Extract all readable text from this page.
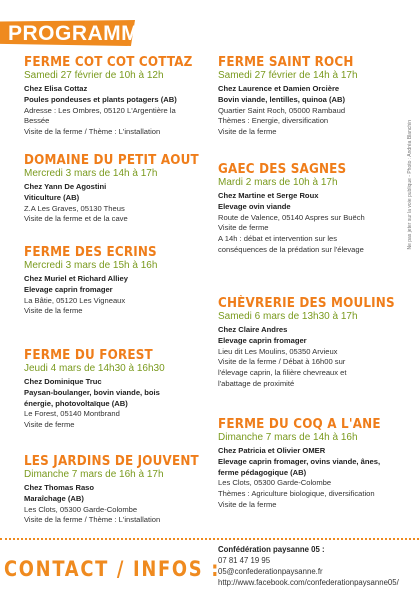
PROGRAMME
FERME COT COT COTTAZ
Samedi 27 février de 10h à 12h
Chez Elisa Cottaz
Poules pondeuses et plants potagers (AB)
Adresse : Les Ombres, 05120 L'Argentière la
Bessée
Visite de la ferme / Thème : L'installation
DOMAINE DU PETIT AOUT
Mercredi 3 mars de 14h à 17h
Chez Yann De Agostini
Viticulture (AB)
Z.A Les Graves, 05130 Theus
Visite de la ferme et de la cave
FERME DES ECRINS
Mercredi 3 mars de 15h à 16h
Chez Muriel et Richard Alliey
Elevage caprin fromager
La Bâtie, 05120 Les Vigneaux
Visite de la ferme
FERME DU FOREST
Jeudi 4 mars de 14h30 à 16h30
Chez Dominique Truc
Paysan-boulanger, bovin viande, bois
énergie, photovoltaïque (AB)
Le Forest, 05140 Montbrand
Visite de ferme
LES JARDINS DE JOUVENT
Dimanche 7 mars de 16h à 17h
Chez Thomas Raso
Maraîchage (AB)
Les Clots, 05300 Garde-Colombe
Visite de la ferme / Thème : L'installation
FERME SAINT ROCH
Samedi 27 février de 14h à 17h
Chez Laurence et Damien Orcière
Bovin viande, lentilles, quinoa (AB)
Quartier Saint Roch, 05000 Rambaud
Thèmes : Energie, diversification
Visite de la ferme
GAEC DES SAGNES
Mardi 2 mars de 10h à 17h
Chez Martine et Serge Roux
Elevage ovin viande
Route de Valence, 05140 Aspres sur Buëch
Visite de ferme
A 14h : débat et intervention sur les
conséquences de la prédation sur l'élevage
CHÈVRERIE DES MOULINS
Samedi 6 mars de 13h30 à 17h
Chez Claire Andres
Elevage caprin fromager
Lieu dit Les Moulins, 05350 Arvieux
Visite de la ferme / Débat à 16h00 sur
l'élevage caprin, la filière chevreaux et
l'abattage de proximité
FERME DU COQ A L'ANE
Dimanche 7 mars de 14h à 16h
Chez Patricia et Olivier OMER
Elevage caprin fromager, ovins viande, ânes,
ferme pédagogique (AB)
Les Clots, 05300 Garde-Colombe
Thèmes : Agriculture biologique, diversification
Visite de la ferme
Ne pas jeter sur la voie publique - Photo : Andréa Blanchin
CONTACT / INFOS :
Confédération paysanne 05 :
07 81 47 19 95
05@confederationpaysanne.fr
http://www.facebook.com/confederationpaysanne05/
